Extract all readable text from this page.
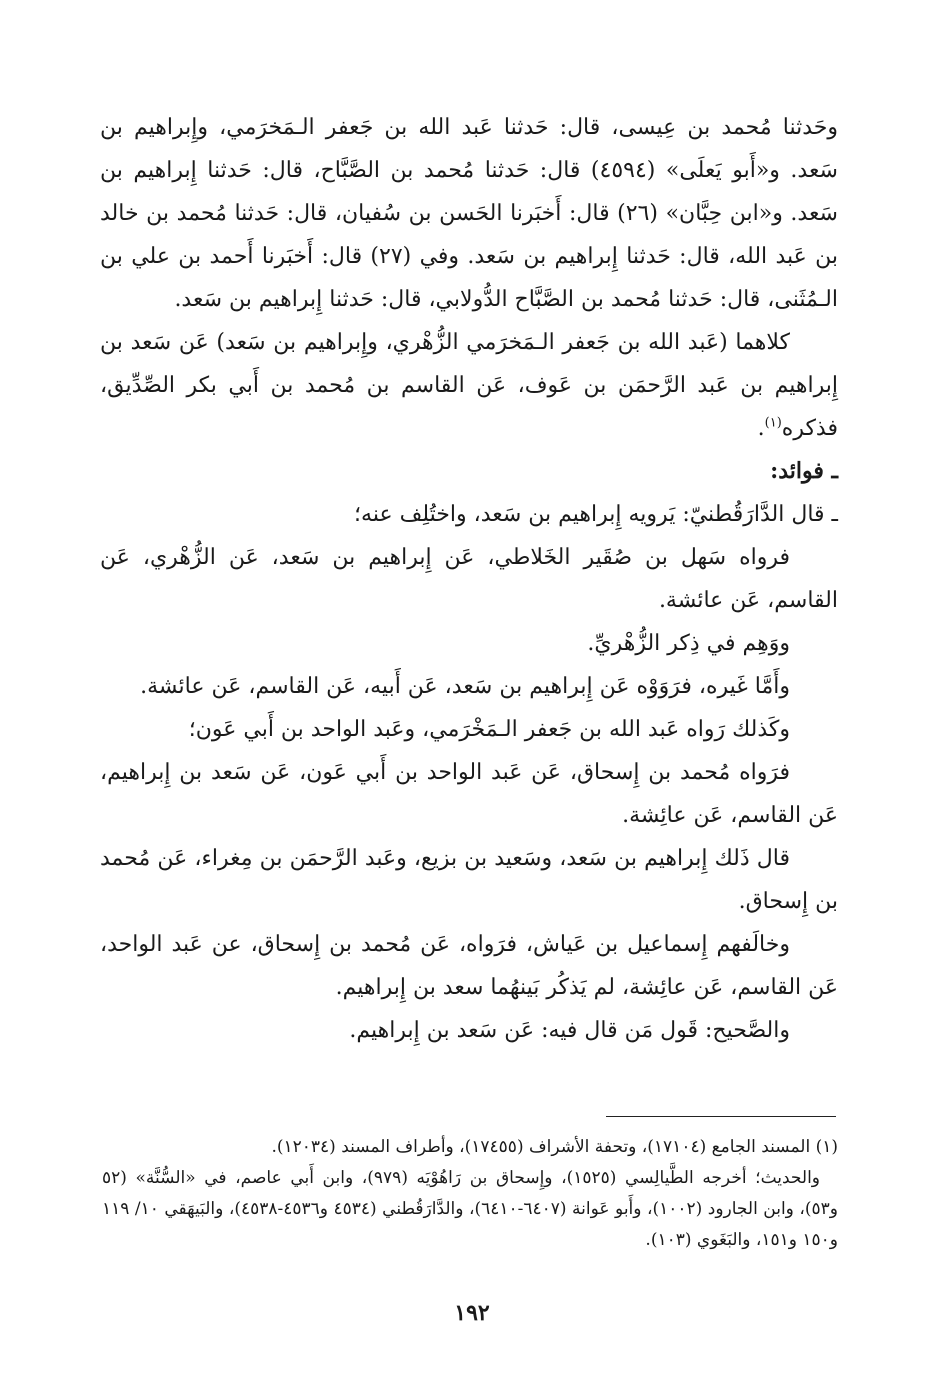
وحَدثنا مُحمد بن عِيسى، قال: حَدثنا عَبد الله بن جَعفر الـمَخرَمي، وإِبراهيم بن سَعد. و«أَبو يَعلَى» (٤٥٩٤) قال: حَدثنا مُحمد بن الصَّبَّاح، قال: حَدثنا إِبراهيم بن سَعد. و«ابن حِبَّان» (٢٦) قال: أَخبَرنا الحَسن بن سُفيان، قال: حَدثنا مُحمد بن خالد بن عَبد الله، قال: حَدثنا إِبراهيم بن سَعد. وفي (٢٧) قال: أَخبَرنا أَحمد بن علي بن الـمُثَنى، قال: حَدثنا مُحمد بن الصَّبَّاح الدُّولابي، قال: حَدثنا إِبراهيم بن سَعد.

كلاهما (عَبد الله بن جَعفر الـمَخرَمي الزُّهْري، وإِبراهيم بن سَعد) عَن سَعد بن إِبراهيم بن عَبد الرَّحمَن بن عَوف، عَن القاسم بن مُحمد بن أَبي بكر الصِّدِّيق، فذكره$^{(١)}$.

ـ فوائد:

ـ قال الدَّارَقُطنيّ: يَرويه إِبراهيم بن سَعد، واختُلِف عنه؛

فرواه سَهل بن صُقَير الخَلاطي، عَن إِبراهيم بن سَعد، عَن الزُّهْري، عَن القاسم، عَن عائشة.

ووَهِم في ذِكر الزُّهْريِّ.

وأَمَّا غَيره، فرَوَوْه عَن إِبراهيم بن سَعد، عَن أَبيه، عَن القاسم، عَن عائشة.

وكَذلك رَواه عَبد الله بن جَعفر الـمَخْرَمي، وعَبد الواحد بن أَبي عَون؛

فرَواه مُحمد بن إِسحاق، عَن عَبد الواحد بن أَبي عَون، عَن سَعد بن إِبراهيم، عَن القاسم، عَن عائِشة.

قال ذَلك إِبراهيم بن سَعد، وسَعيد بن بزيع، وعَبد الرَّحمَن بن مِغراء، عَن مُحمد بن إِسحاق.

وخالَفهم إِسماعيل بن عَياش، فرَواه، عَن مُحمد بن إِسحاق، عن عَبد الواحد، عَن القاسم، عَن عائِشة، لم يَذكُر بَينهُما سعد بن إِبراهيم.

والصَّحيح: قَول مَن قال فيه: عَن سَعد بن إِبراهيم.

(١) المسند الجامع (١٧١٠٤)، وتحفة الأشراف (١٧٤٥٥)، وأطراف المسند (١٢٠٣٤).

والحديث؛ أخرجه الطَّيالِسي (١٥٢٥)، وإِسحاق بن رَاهُوْيَه (٩٧٩)، وابن أَبي عاصم، في «السُّنَّة» (٥٢ و٥٣)، وابن الجارود (١٠٠٢)، وأَبو عَوانة (٦٤٠٧-٦٤١٠)، والدَّارَقُطني (٤٥٣٤ و٤٥٣٦-٤٥٣٨)، والبَيهَقي ١٠/ ١١٩ و١٥٠ و١٥١، والبَغَوي (١٠٣).

١٩٢
